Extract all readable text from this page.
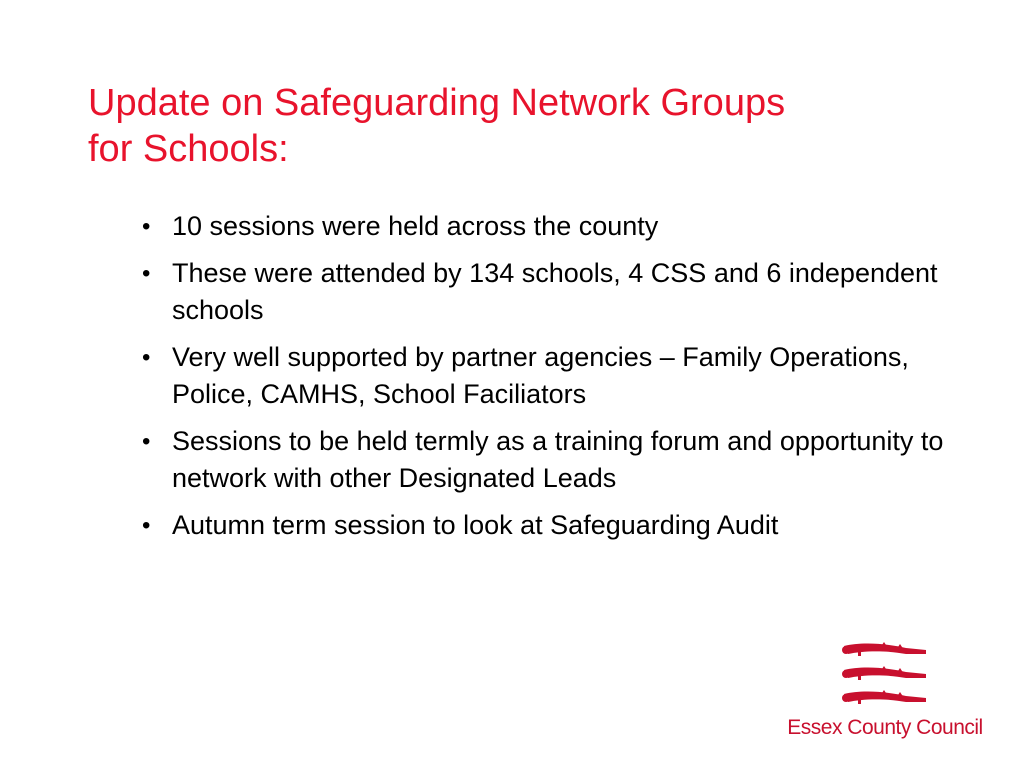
Update on Safeguarding Network Groups
for Schools:
• 10 sessions were held across the county
• These were attended by 134 schools, 4 CSS and 6 independent schools
• Very well supported by partner agencies – Family Operations, Police, CAMHS, School Faciliators
• Sessions to be held termly as a training forum and opportunity to network with other Designated Leads
• Autumn term session to look at Safeguarding Audit
Essex County Council
